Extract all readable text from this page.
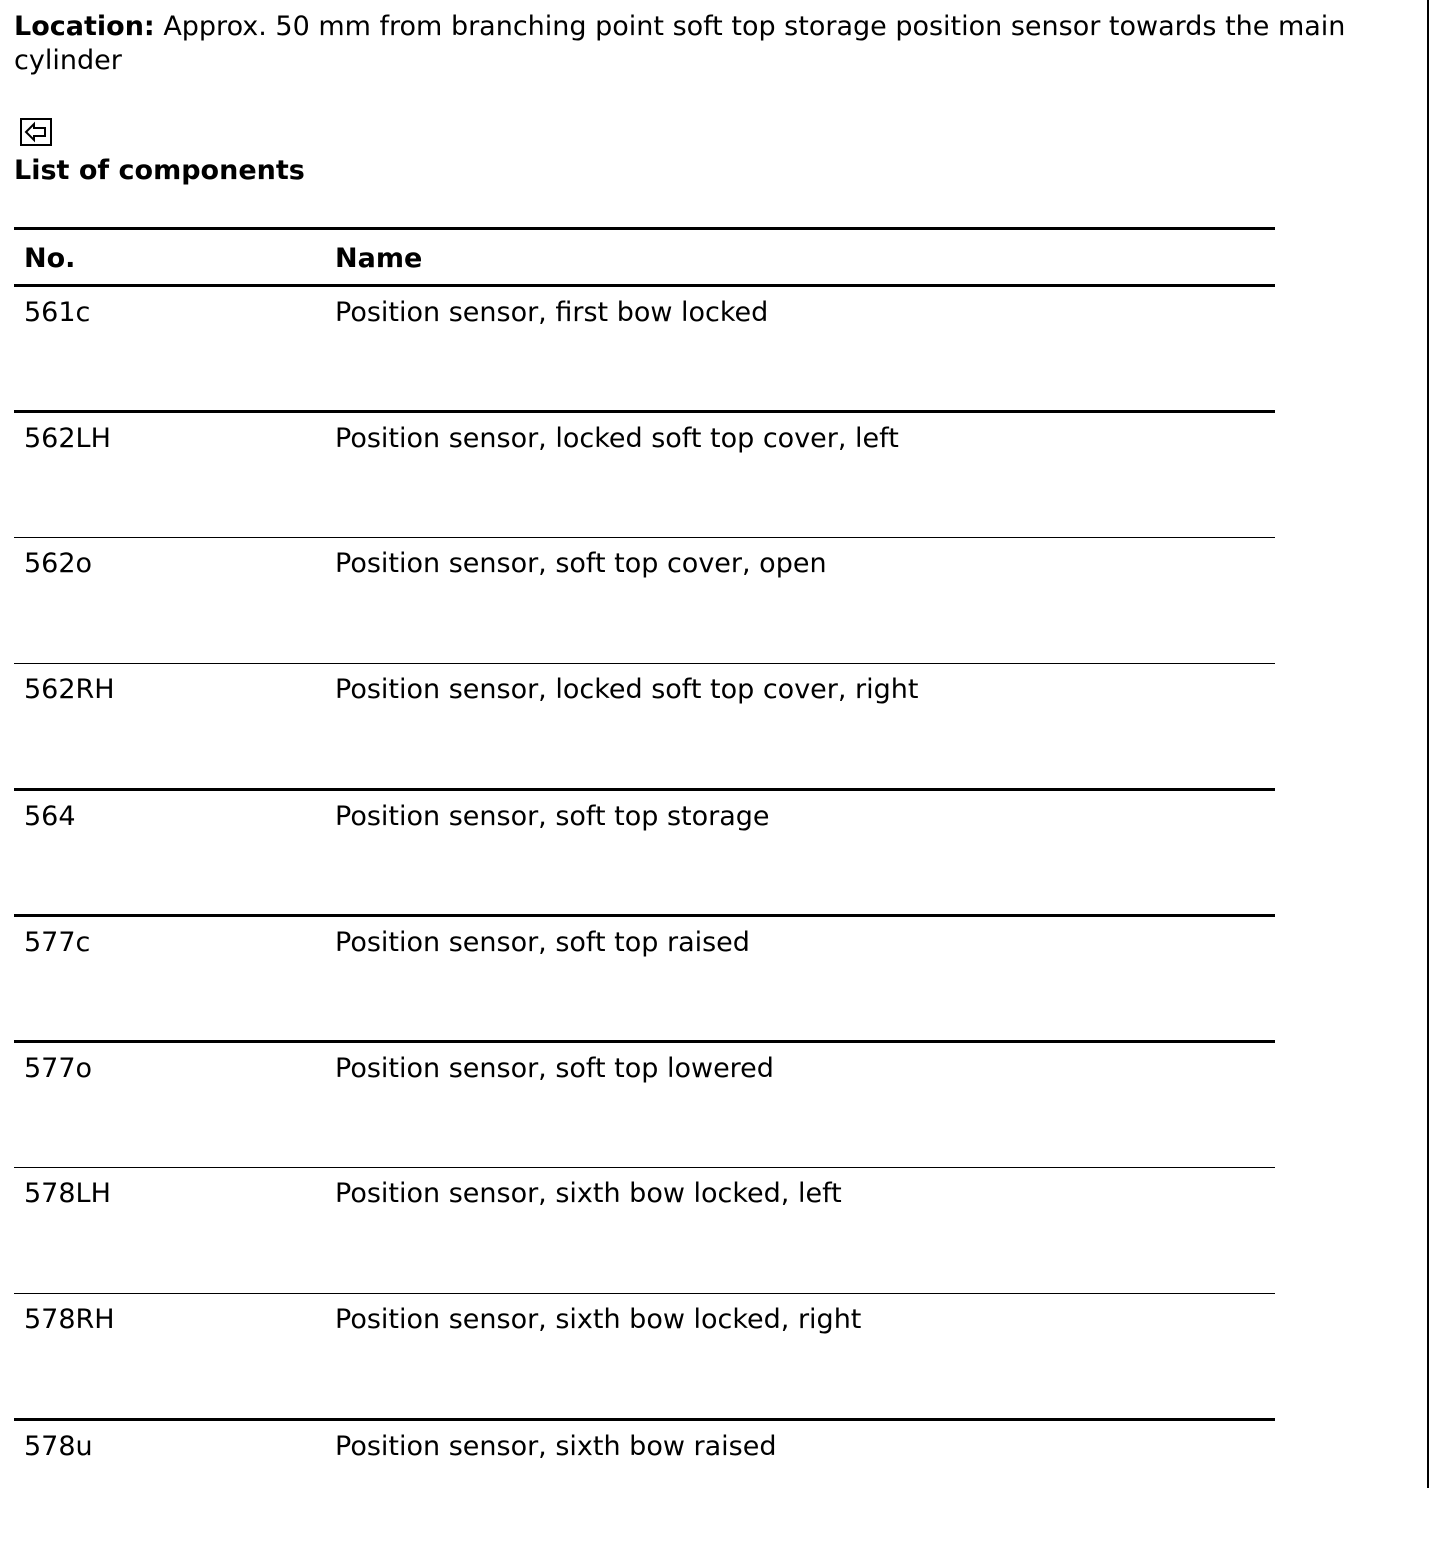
Location: Approx. 50 mm from branching point soft top storage position sensor towards the main cylinder

List of components
No.	Name
561c	Position sensor, first bow locked
562LH	Position sensor, locked soft top cover, left
562o	Position sensor, soft top cover, open
562RH	Position sensor, locked soft top cover, right
564	Position sensor, soft top storage
577c	Position sensor, soft top raised
577o	Position sensor, soft top lowered
578LH	Position sensor, sixth bow locked, left
578RH	Position sensor, sixth bow locked, right
578u	Position sensor, sixth bow raised
